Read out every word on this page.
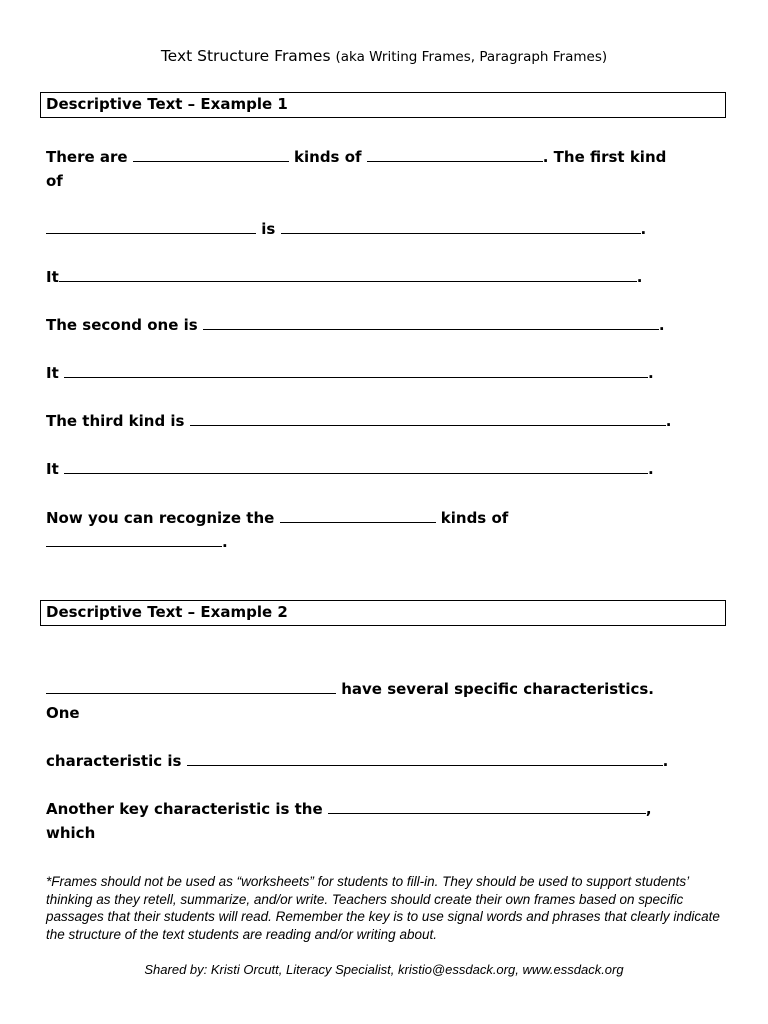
Text Structure Frames (aka Writing Frames, Paragraph Frames)
Descriptive Text – Example 1
There are	kinds of	. The first kind
of
is	.
It	.
The second one is	.
It	.
The third kind is	.
It	.
Now you can recognize the	kinds of
.
Descriptive Text – Example 2
have several specific characteristics.
One
characteristic is	.
Another key characteristic is the	,
which
*Frames should not be used as “worksheets” for students to fill-in. They should be used to support students’ thinking as they retell, summarize, and/or write. Teachers should create their own frames based on specific passages that their students will read. Remember the key is to use signal words and phrases that clearly indicate the structure of the text students are reading and/or writing about.
Shared by: Kristi Orcutt, Literacy Specialist, kristio@essdack.org, www.essdack.org
